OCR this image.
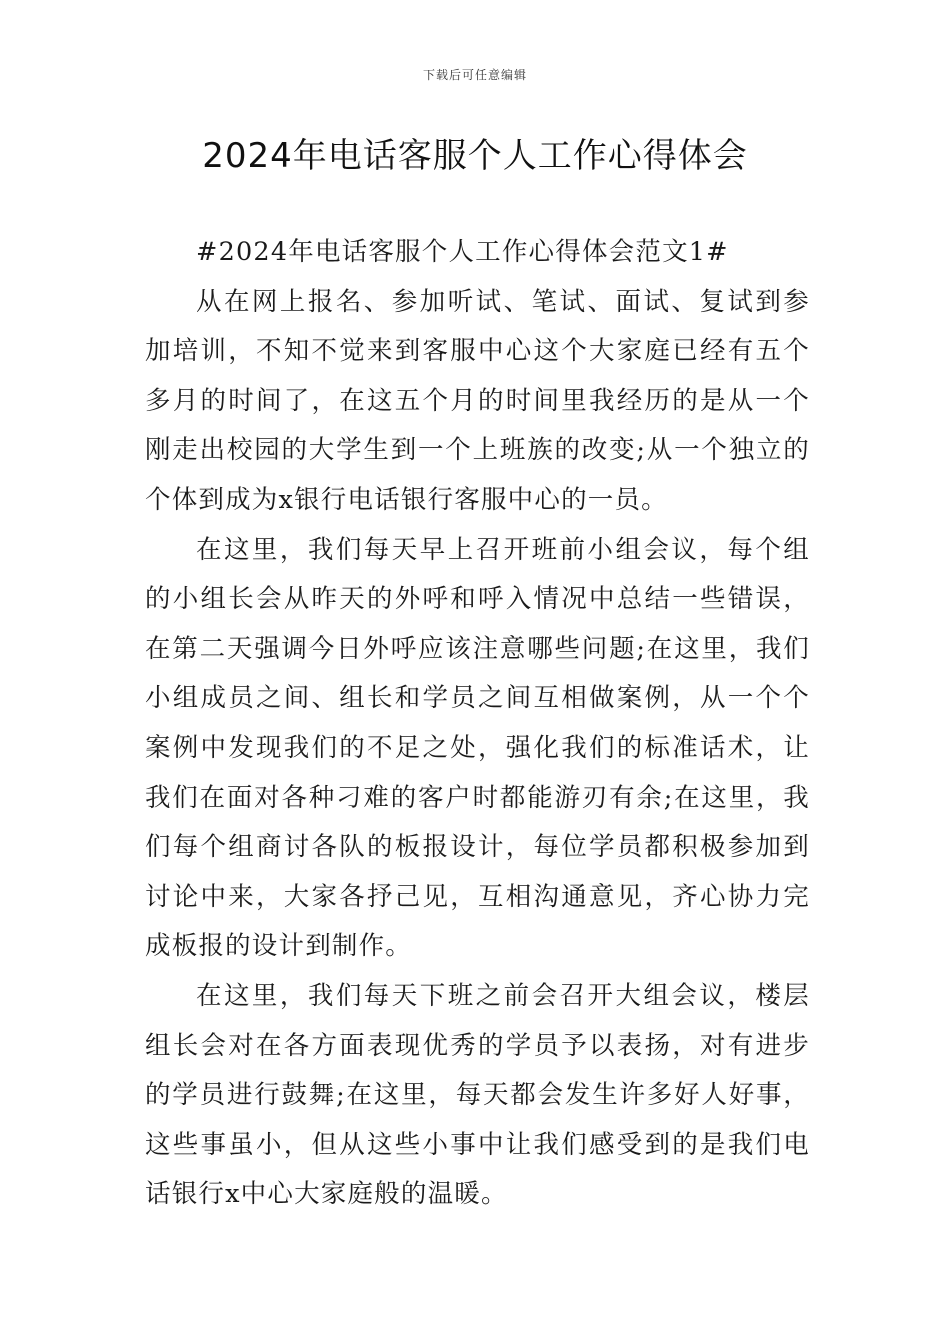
下载后可任意编辑
2024年电话客服个人工作心得体会

#2024年电话客服个人工作心得体会范文1#

从在网上报名、参加听试、笔试、面试、复试到参加培训，不知不觉来到客服中心这个大家庭已经有五个多月的时间了，在这五个月的时间里我经历的是从一个刚走出校园的大学生到一个上班族的改变;从一个独立的个体到成为x银行电话银行客服中心的一员。

在这里，我们每天早上召开班前小组会议，每个组的小组长会从昨天的外呼和呼入情况中总结一些错误，在第二天强调今日外呼应该注意哪些问题;在这里，我们小组成员之间、组长和学员之间互相做案例，从一个个案例中发现我们的不足之处，强化我们的标准话术，让我们在面对各种刁难的客户时都能游刃有余;在这里，我们每个组商讨各队的板报设计，每位学员都积极参加到讨论中来，大家各抒己见，互相沟通意见，齐心协力完成板报的设计到制作。

在这里，我们每天下班之前会召开大组会议，楼层组长会对在各方面表现优秀的学员予以表扬，对有进步的学员进行鼓舞;在这里，每天都会发生许多好人好事，这些事虽小，但从这些小事中让我们感受到的是我们电话银行x中心大家庭般的温暖。
